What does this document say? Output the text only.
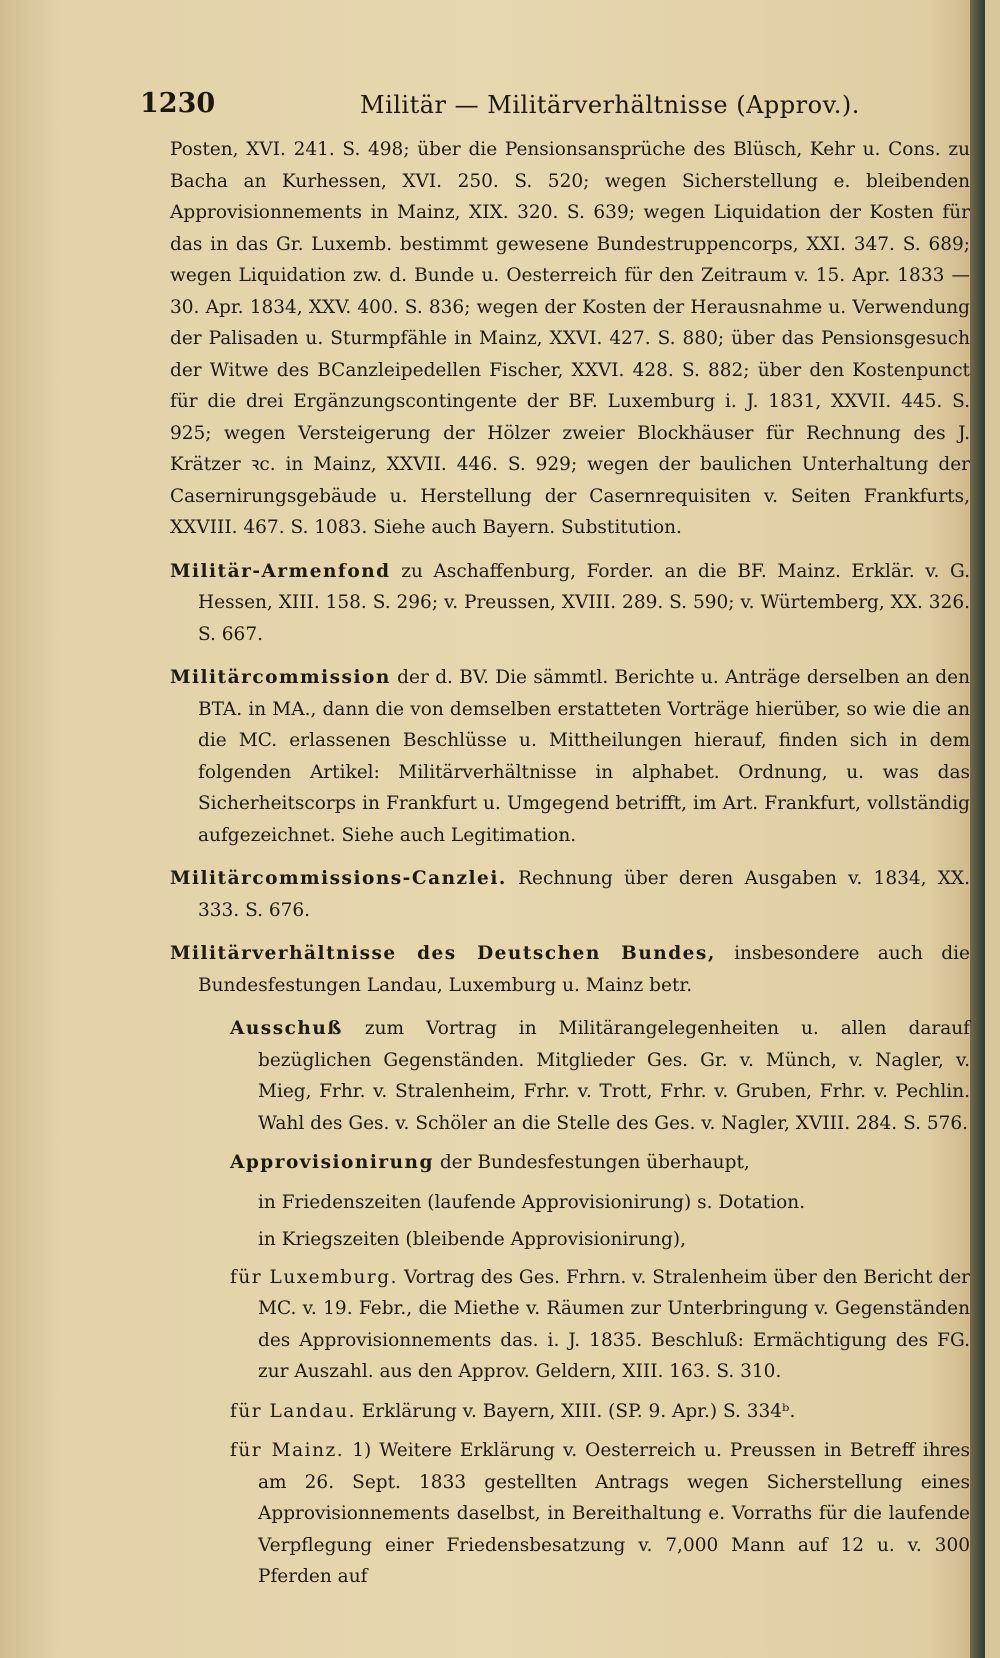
1230	Militär — Militärverhältnisse (Approv.).

Posten, XVI. 241. S. 498; über die Pensionsansprüche des Blüsch, Kehr u. Cons. zu Bacha an Kurhessen, XVI. 250. S. 520; wegen Sicherstellung e. bleibenden Approvisionnements in Mainz, XIX. 320. S. 639; wegen Liquidation der Kosten für das in das Gr. Luxemb. bestimmt gewesene Bundestruppencorps, XXI. 347. S. 689; wegen Liquidation zw. d. Bunde u. Oesterreich für den Zeitraum v. 15. Apr. 1833 — 30. Apr. 1834, XXV. 400. S. 836; wegen der Kosten der Herausnahme u. Verwendung der Palisaden u. Sturmpfähle in Mainz, XXVI. 427. S. 880; über das Pensionsgesuch der Witwe des BCanzleipedellen Fischer, XXVI. 428. S. 882; über den Kostenpunct für die drei Ergänzungscontingente der BF. Luxemburg i. J. 1831, XXVII. 445. S. 925; wegen Versteigerung der Hölzer zweier Blockhäuser für Rechnung des J. Krätzer ꝛc. in Mainz, XXVII. 446. S. 929; wegen der baulichen Unterhaltung der Casernirungsgebäude u. Herstellung der Casernrequisiten v. Seiten Frankfurts, XXVIII. 467. S. 1083. Siehe auch Bayern. Substitution.

Militär-Armenfond zu Aschaffenburg, Forder. an die BF. Mainz. Erklär. v. G. Hessen, XIII. 158. S. 296; v. Preussen, XVIII. 289. S. 590; v. Würtemberg, XX. 326. S. 667.

Militärcommission der d. BV. Die sämmtl. Berichte u. Anträge derselben an den BTA. in MA., dann die von demselben erstatteten Vorträge hierüber, so wie die an die MC. erlassenen Beschlüsse u. Mittheilungen hierauf, finden sich in dem folgenden Artikel: Militärverhältnisse in alphabet. Ordnung, u. was das Sicherheitscorps in Frankfurt u. Umgegend betrifft, im Art. Frankfurt, vollständig aufgezeichnet. Siehe auch Legitimation.

Militärcommissions-Canzlei. Rechnung über deren Ausgaben v. 1834, XX. 333. S. 676.

Militärverhältnisse des Deutschen Bundes, insbesondere auch die Bundesfestungen Landau, Luxemburg u. Mainz betr.

Ausschuß zum Vortrag in Militärangelegenheiten u. allen darauf bezüglichen Gegenständen. Mitglieder Ges. Gr. v. Münch, v. Nagler, v. Mieg, Frhr. v. Stralenheim, Frhr. v. Trott, Frhr. v. Gruben, Frhr. v. Pechlin. Wahl des Ges. v. Schöler an die Stelle des Ges. v. Nagler, XVIII. 284. S. 576.

Approvisionirung der Bundesfestungen überhaupt,

in Friedenszeiten (laufende Approvisionirung) s. Dotation.

in Kriegszeiten (bleibende Approvisionirung),

für Luxemburg. Vortrag des Ges. Frhrn. v. Stralenheim über den Bericht der MC. v. 19. Febr., die Miethe v. Räumen zur Unterbringung v. Gegenständen des Approvisionnements das. i. J. 1835. Beschluß: Ermächtigung des FG. zur Auszahl. aus den Approv. Geldern, XIII. 163. S. 310.

für Landau. Erklärung v. Bayern, XIII. (SP. 9. Apr.) S. 334ᵇ.

für Mainz. 1) Weitere Erklärung v. Oesterreich u. Preussen in Betreff ihres am 26. Sept. 1833 gestellten Antrags wegen Sicherstellung eines Approvisionnements daselbst, in Bereithaltung e. Vorraths für die laufende Verpflegung einer Friedensbesatzung v. 7,000 Mann auf 12 u. v. 300 Pferden auf
